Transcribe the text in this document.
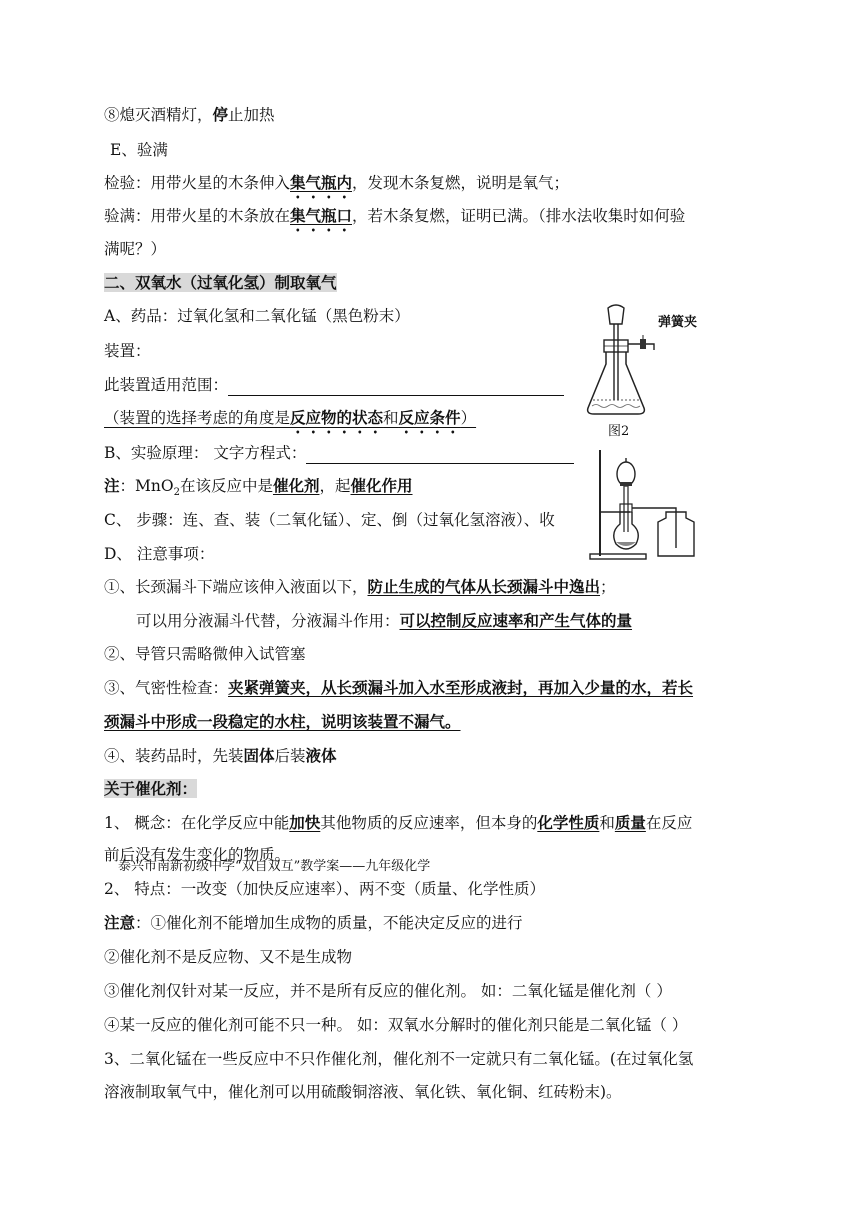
⑧熄灭酒精灯，停止加热
E、验满
检验：用带火星的木条伸入集气瓶内，发现木条复燃，说明是氧气；
验满：用带火星的木条放在集气瓶口，若木条复燃，证明已满。（排水法收集时如何验
满呢？）
二、双氧水（过氧化氢）制取氧气
A、药品：过氧化氢和二氧化锰（黑色粉末）
装置：
此装置适用范围：
（装置的选择考虑的角度是反应物的状态和反应条件）
B、实验原理： 文字方程式：
注：MnO$_2$在该反应中是催化剂，起催化作用
C、 步骤：连、查、装（二氧化锰）、定、倒（过氧化氢溶液）、收
D、 注意事项：
①、长颈漏斗下端应该伸入液面以下，防止生成的气体从长颈漏斗中逸出；
可以用分液漏斗代替，分液漏斗作用：可以控制反应速率和产生气体的量
②、导管只需略微伸入试管塞
③、气密性检查：夹紧弹簧夹，从长颈漏斗加入水至形成液封，再加入少量的水，若长
颈漏斗中形成一段稳定的水柱，说明该装置不漏气。
④、装药品时，先装固体后装液体
关于催化剂：
1、 概念：在化学反应中能加快其他物质的反应速率，但本身的化学性质和质量在反应
前后没有发生变化的物质。
泰兴市南新初级中学“双自双互”教学案——九年级化学
2、 特点：一改变（加快反应速率）、两不变（质量、化学性质）
注意：①催化剂不能增加生成物的质量，不能决定反应的进行
②催化剂不是反应物、又不是生成物
③催化剂仅针对某一反应，并不是所有反应的催化剂。 如：二氧化锰是催化剂（ ）
④某一反应的催化剂可能不只一种。 如：双氧水分解时的催化剂只能是二氧化锰（ ）
3、二氧化锰在一些反应中不只作催化剂，催化剂不一定就只有二氧化锰。(在过氧化氢
溶液制取氧气中，催化剂可以用硫酸铜溶液、氧化铁、氧化铜、红砖粉末)。
弹簧夹
图2
